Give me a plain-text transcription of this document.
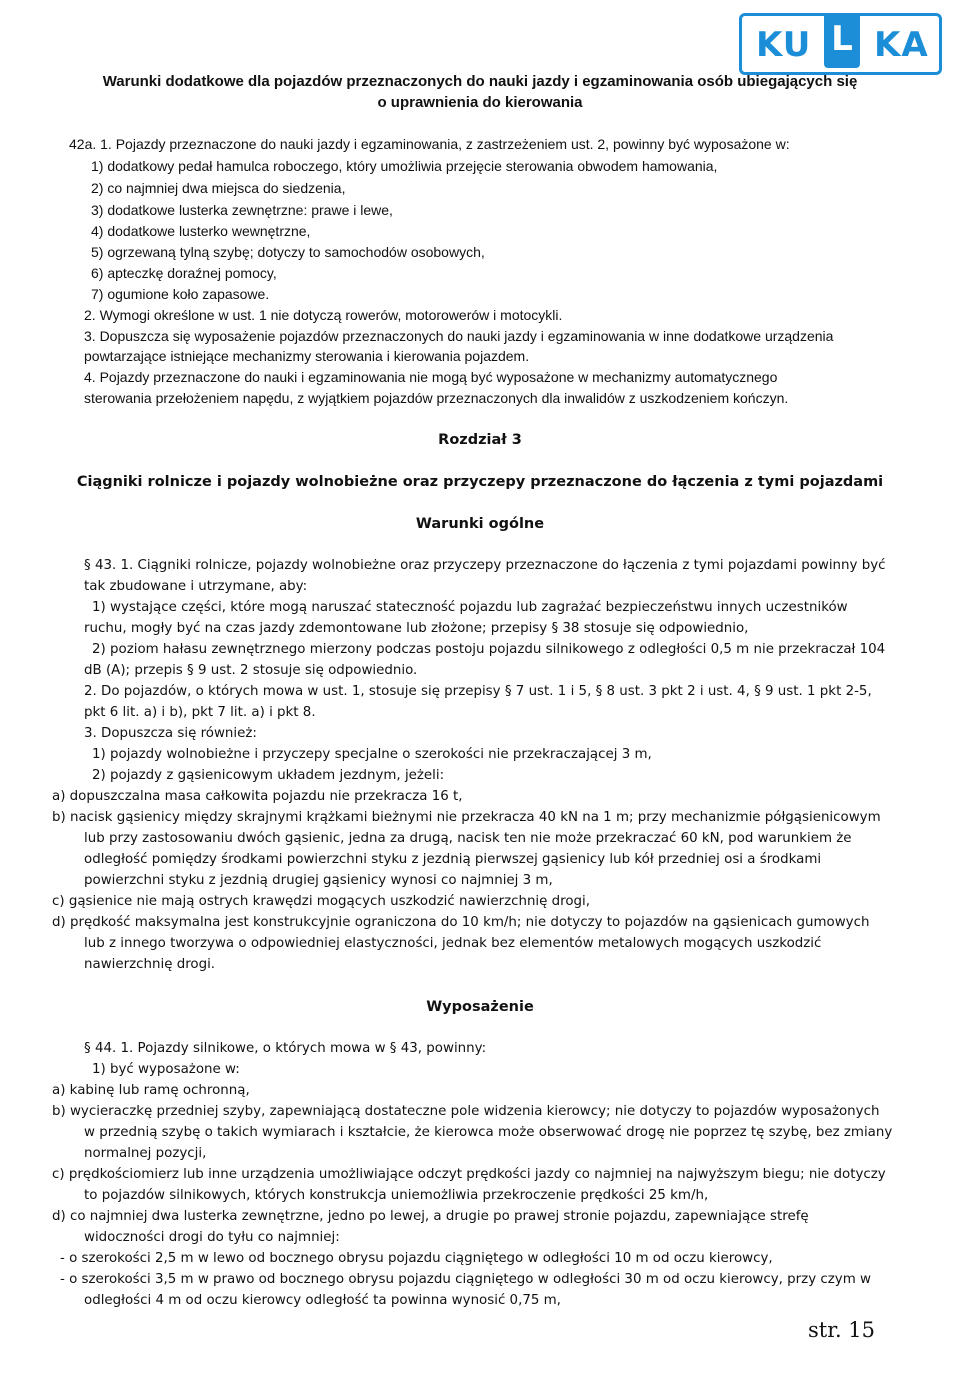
KU L KA
Warunki dodatkowe dla pojazdów przeznaczonych do nauki jazdy i egzaminowania osób ubiegających się
o uprawnienia do kierowania
42a. 1. Pojazdy przeznaczone do nauki jazdy i egzaminowania, z zastrzeżeniem ust. 2, powinny być wyposażone w:
1) dodatkowy pedał hamulca roboczego, który umożliwia przejęcie sterowania obwodem hamowania,
2) co najmniej dwa miejsca do siedzenia,
3) dodatkowe lusterka zewnętrzne: prawe i lewe,
4) dodatkowe lusterko wewnętrzne,
5) ogrzewaną tylną szybę; dotyczy to samochodów osobowych,
6) apteczkę doraźnej pomocy,
7) ogumione koło zapasowe.
2. Wymogi określone w ust. 1 nie dotyczą rowerów, motorowerów i motocykli.
3. Dopuszcza się wyposażenie pojazdów przeznaczonych do nauki jazdy i egzaminowania w inne dodatkowe urządzenia
powtarzające istniejące mechanizmy sterowania i kierowania pojazdem.
4. Pojazdy przeznaczone do nauki i egzaminowania nie mogą być wyposażone w mechanizmy automatycznego
sterowania przełożeniem napędu, z wyjątkiem pojazdów przeznaczonych dla inwalidów z uszkodzeniem kończyn.
Rozdział 3
Ciągniki rolnicze i pojazdy wolnobieżne oraz przyczepy przeznaczone do łączenia z tymi pojazdami
Warunki ogólne
§ 43. 1. Ciągniki rolnicze, pojazdy wolnobieżne oraz przyczepy przeznaczone do łączenia z tymi pojazdami powinny być
tak zbudowane i utrzymane, aby:
1) wystające części, które mogą naruszać stateczność pojazdu lub zagrażać bezpieczeństwu innych uczestników
ruchu, mogły być na czas jazdy zdemontowane lub złożone; przepisy § 38 stosuje się odpowiednio,
2) poziom hałasu zewnętrznego mierzony podczas postoju pojazdu silnikowego z odległości 0,5 m nie przekraczał 104
dB (A); przepis § 9 ust. 2 stosuje się odpowiednio.
2. Do pojazdów, o których mowa w ust. 1, stosuje się przepisy § 7 ust. 1 i 5, § 8 ust. 3 pkt 2 i ust. 4, § 9 ust. 1 pkt 2-5,
pkt 6 lit. a) i b), pkt 7 lit. a) i pkt 8.
3. Dopuszcza się również:
1) pojazdy wolnobieżne i przyczepy specjalne o szerokości nie przekraczającej 3 m,
2) pojazdy z gąsienicowym układem jezdnym, jeżeli:
a) dopuszczalna masa całkowita pojazdu nie przekracza 16 t,
b) nacisk gąsienicy między skrajnymi krążkami bieżnymi nie przekracza 40 kN na 1 m; przy mechanizmie półgąsienicowym
lub przy zastosowaniu dwóch gąsienic, jedna za drugą, nacisk ten nie może przekraczać 60 kN, pod warunkiem że
odległość pomiędzy środkami powierzchni styku z jezdnią pierwszej gąsienicy lub kół przedniej osi a środkami
powierzchni styku z jezdnią drugiej gąsienicy wynosi co najmniej 3 m,
c) gąsienice nie mają ostrych krawędzi mogących uszkodzić nawierzchnię drogi,
d) prędkość maksymalna jest konstrukcyjnie ograniczona do 10 km/h; nie dotyczy to pojazdów na gąsienicach gumowych
lub z innego tworzywa o odpowiedniej elastyczności, jednak bez elementów metalowych mogących uszkodzić
nawierzchnię drogi.
Wyposażenie
§ 44. 1. Pojazdy silnikowe, o których mowa w § 43, powinny:
1) być wyposażone w:
a) kabinę lub ramę ochronną,
b) wycieraczkę przedniej szyby, zapewniającą dostateczne pole widzenia kierowcy; nie dotyczy to pojazdów wyposażonych
w przednią szybę o takich wymiarach i kształcie, że kierowca może obserwować drogę nie poprzez tę szybę, bez zmiany
normalnej pozycji,
c) prędkościomierz lub inne urządzenia umożliwiające odczyt prędkości jazdy co najmniej na najwyższym biegu; nie dotyczy
to pojazdów silnikowych, których konstrukcja uniemożliwia przekroczenie prędkości 25 km/h,
d) co najmniej dwa lusterka zewnętrzne, jedno po lewej, a drugie po prawej stronie pojazdu, zapewniające strefę
widoczności drogi do tyłu co najmniej:
- o szerokości 2,5 m w lewo od bocznego obrysu pojazdu ciągniętego w odległości 10 m od oczu kierowcy,
- o szerokości 3,5 m w prawo od bocznego obrysu pojazdu ciągniętego w odległości 30 m od oczu kierowcy, przy czym w
odległości 4 m od oczu kierowcy odległość ta powinna wynosić 0,75 m,
str. 15
